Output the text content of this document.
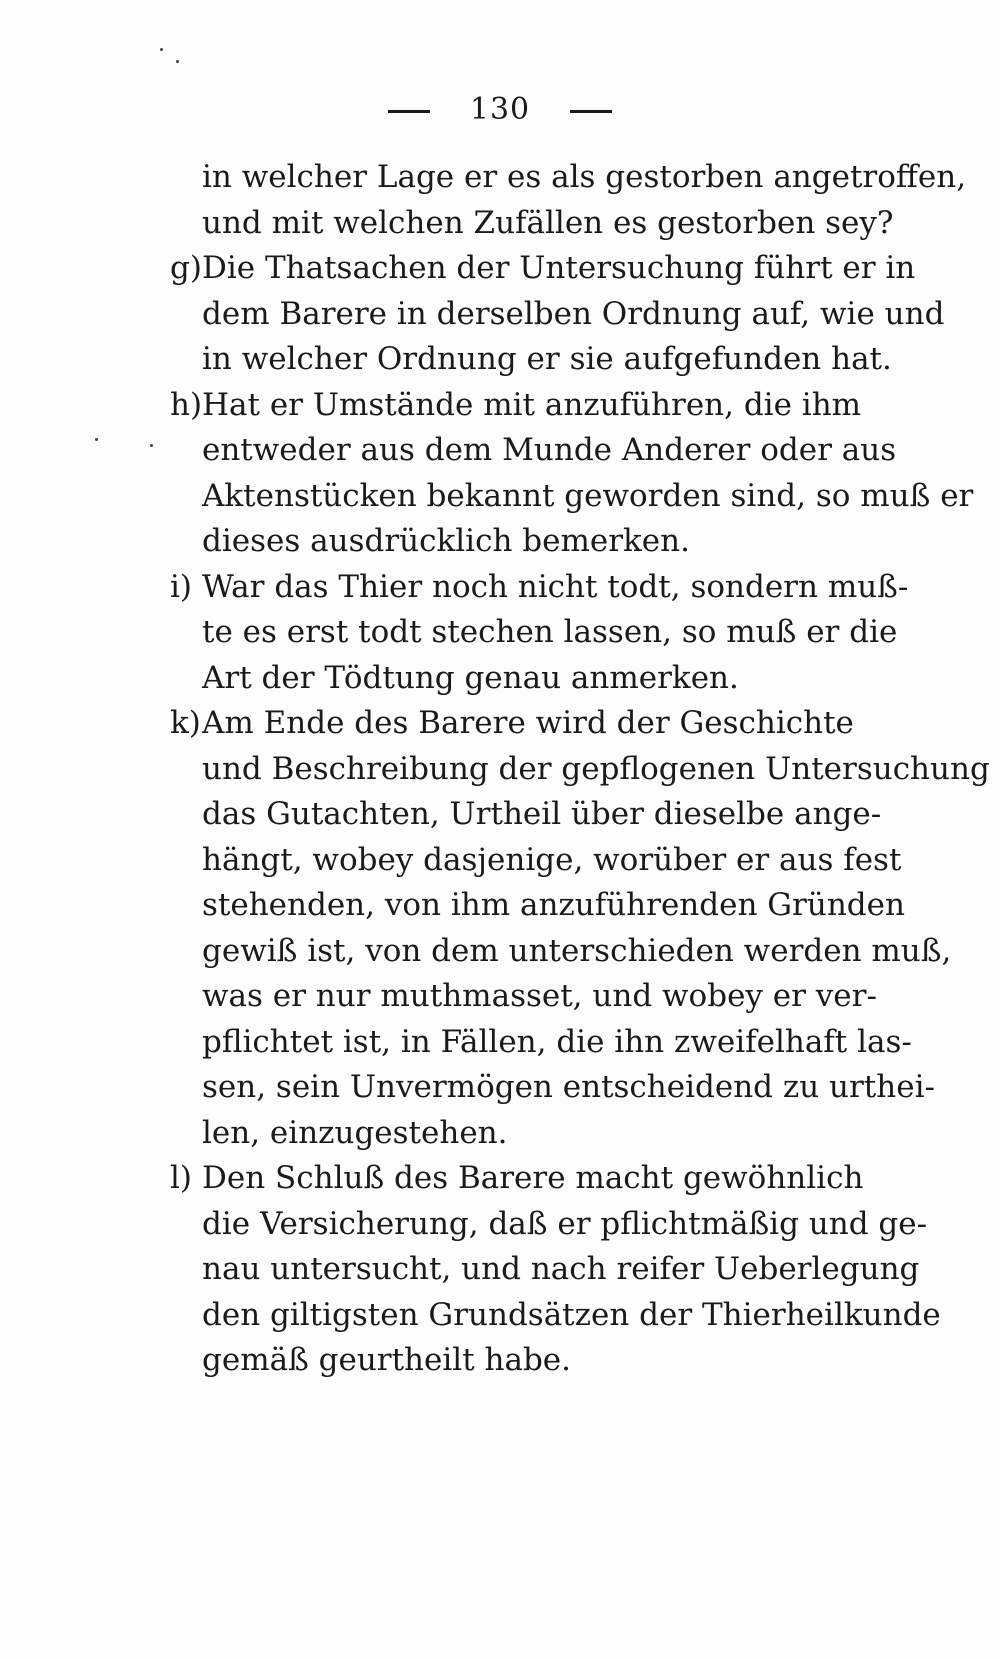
130
in welcher Lage er es als gestorben angetroffen,
und mit welchen Zufällen es gestorben sey?
g)Die Thatsachen der Untersuchung führt er in
dem Barere in derselben Ordnung auf, wie und
in welcher Ordnung er sie aufgefunden hat.
h)Hat er Umstände mit anzuführen, die ihm
entweder aus dem Munde Anderer oder aus
Aktenstücken bekannt geworden sind, so muß er
dieses ausdrücklich bemerken.
i) War das Thier noch nicht todt, sondern muß-
te es erst todt stechen lassen, so muß er die
Art der Tödtung genau anmerken.
k)Am Ende des Barere wird der Geschichte
und Beschreibung der gepflogenen Untersuchung
das Gutachten, Urtheil über dieselbe ange-
hängt, wobey dasjenige, worüber er aus fest
stehenden, von ihm anzuführenden Gründen
gewiß ist, von dem unterschieden werden muß,
was er nur muthmasset, und wobey er ver-
pflichtet ist, in Fällen, die ihn zweifelhaft las-
sen, sein Unvermögen entscheidend zu urthei-
len, einzugestehen.
l) Den Schluß des Barere macht gewöhnlich
die Versicherung, daß er pflichtmäßig und ge-
nau untersucht, und nach reifer Ueberlegung
den giltigsten Grundsätzen der Thierheilkunde
gemäß geurtheilt habe.
